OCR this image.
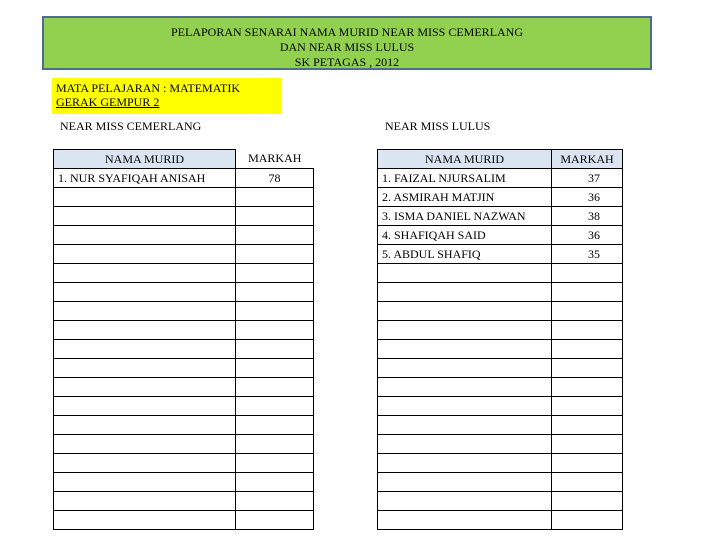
PELAPORAN SENARAI NAMA MURID NEAR MISS CEMERLANG
DAN NEAR MISS LULUS
SK PETAGAS , 2012
MATA PELAJARAN : MATEMATIK
GERAK GEMPUR 2
NEAR MISS CEMERLANG	NEAR MISS LULUS
NAMA MURID	MARKAH
1. NUR SYAFIQAH ANISAH	78

NAMA MURID	MARKAH
1. FAIZAL NJURSALIM	37
2. ASMIRAH MATJIN	36
3. ISMA DANIEL NAZWAN	38
4. SHAFIQAH SAID	36
5. ABDUL SHAFIQ	35
